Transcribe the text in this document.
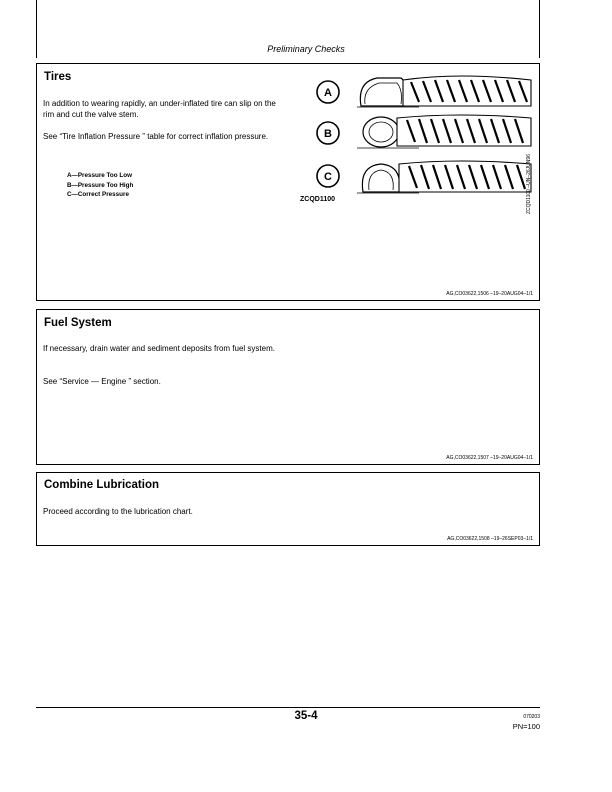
Preliminary Checks
Tires
In addition to wearing rapidly, an under-inflated tire can slip on the rim and cut the valve stem.
See “Tire Inflation Pressure ” table for correct inflation pressure.
A—Pressure Too Low
B—Pressure Too High
C—Correct Pressure
A
B
C
ZCQD1100	ZCQD1100 –UN–26JUN96
AG,CO03622,1506 –19–20AUG04–1/1
Fuel System
If necessary, drain water and sediment deposits from fuel system.
See “Service — Engine ” section.
AG,CO03622,1507 –19–20AUG04–1/1
Combine Lubrication
Proceed according to the lubrication chart.
AG,CO03622,1508 –19–26SEP03–1/1
35-4	070203
PN=100
